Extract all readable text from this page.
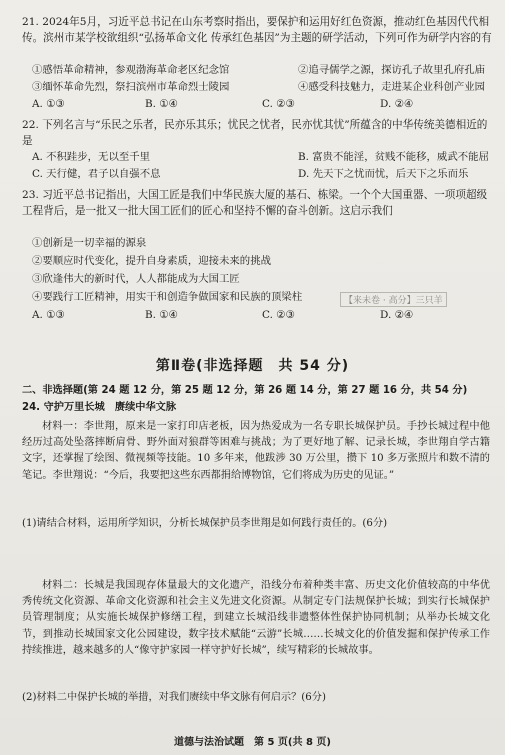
21. 2024年5月，习近平总书记在山东考察时指出，要保护和运用好红色资源，推动红色基因代代相传。滨州市某学校欲组织“弘扬革命文化 传承红色基因”为主题的研学活动，下列可作为研学内容的有
①感悟革命精神，参观渤海革命老区纪念馆	②追寻儒学之源，探访孔子故里孔府孔庙
③缅怀革命先烈，祭扫滨州市革命烈士陵园	④感受科技魅力，走进某企业科创产业园
A. ①③	B. ①④	C. ②③	D. ②④
22. 下列名言与“乐民之乐者，民亦乐其乐；忧民之忧者，民亦忧其忧”所蕴含的中华传统美德相近的是
A. 不积跬步，无以至千里	B. 富贵不能淫，贫贱不能移，威武不能屈
C. 天行健，君子以自强不息	D. 先天下之忧而忧，后天下之乐而乐
23. 习近平总书记指出，大国工匠是我们中华民族大厦的基石、栋梁。一个个大国重器、一项项超级工程背后，是一批又一批大国工匠们的匠心和坚持不懈的奋斗创新。这启示我们
①创新是一切幸福的源泉
②要顺应时代变化，提升自身素质，迎接未来的挑战
③欣逢伟大的新时代，人人都能成为大国工匠
【来未卷 · 高分】三只羊
④要践行工匠精神，用实干和创造争做国家和民族的顶梁柱
A. ①③	B. ①④	C. ②③	D. ②④
第Ⅱ卷(非选择题　共 54 分)
二、非选择题(第 24 题 12 分，第 25 题 12 分，第 26 题 14 分，第 27 题 16 分，共 54 分)
24. 守护万里长城　赓续中华文脉
材料一：李世翔，原来是一家打印店老板，因为热爱成为一名专职长城保护员。手抄长城过程中他经历过高处坠落摔断肩骨、野外面对狼群等困难与挑战；为了更好地了解、记录长城，李世翔自学古籍文字，还掌握了绘图、微视频等技能。10 多年来，他跋涉 30 万公里，攒下 10 多万张照片和数不清的笔记。李世翔说：“今后，我要把这些东西都捐给博物馆，它们将成为历史的见证。”
(1)请结合材料，运用所学知识，分析长城保护员李世翔是如何践行责任的。(6分)
材料二：长城是我国现存体量最大的文化遗产，沿线分布着种类丰富、历史文化价值较高的中华优秀传统文化资源、革命文化资源和社会主义先进文化资源。从制定专门法规保护长城；到实行长城保护员管理制度；从实施长城保护修缮工程，到建立长城沿线非遗整体性保护协同机制；从举办长城文化节，到推动长城国家文化公园建设，数字技术赋能“云游”长城……长城文化的价值发掘和保护传承工作持续推进，越来越多的人“像守护家园一样守护好长城”，续写精彩的长城故事。
(2)材料二中保护长城的举措，对我们赓续中华文脉有何启示？(6分)
道德与法治试题　第 5 页(共 8 页)
